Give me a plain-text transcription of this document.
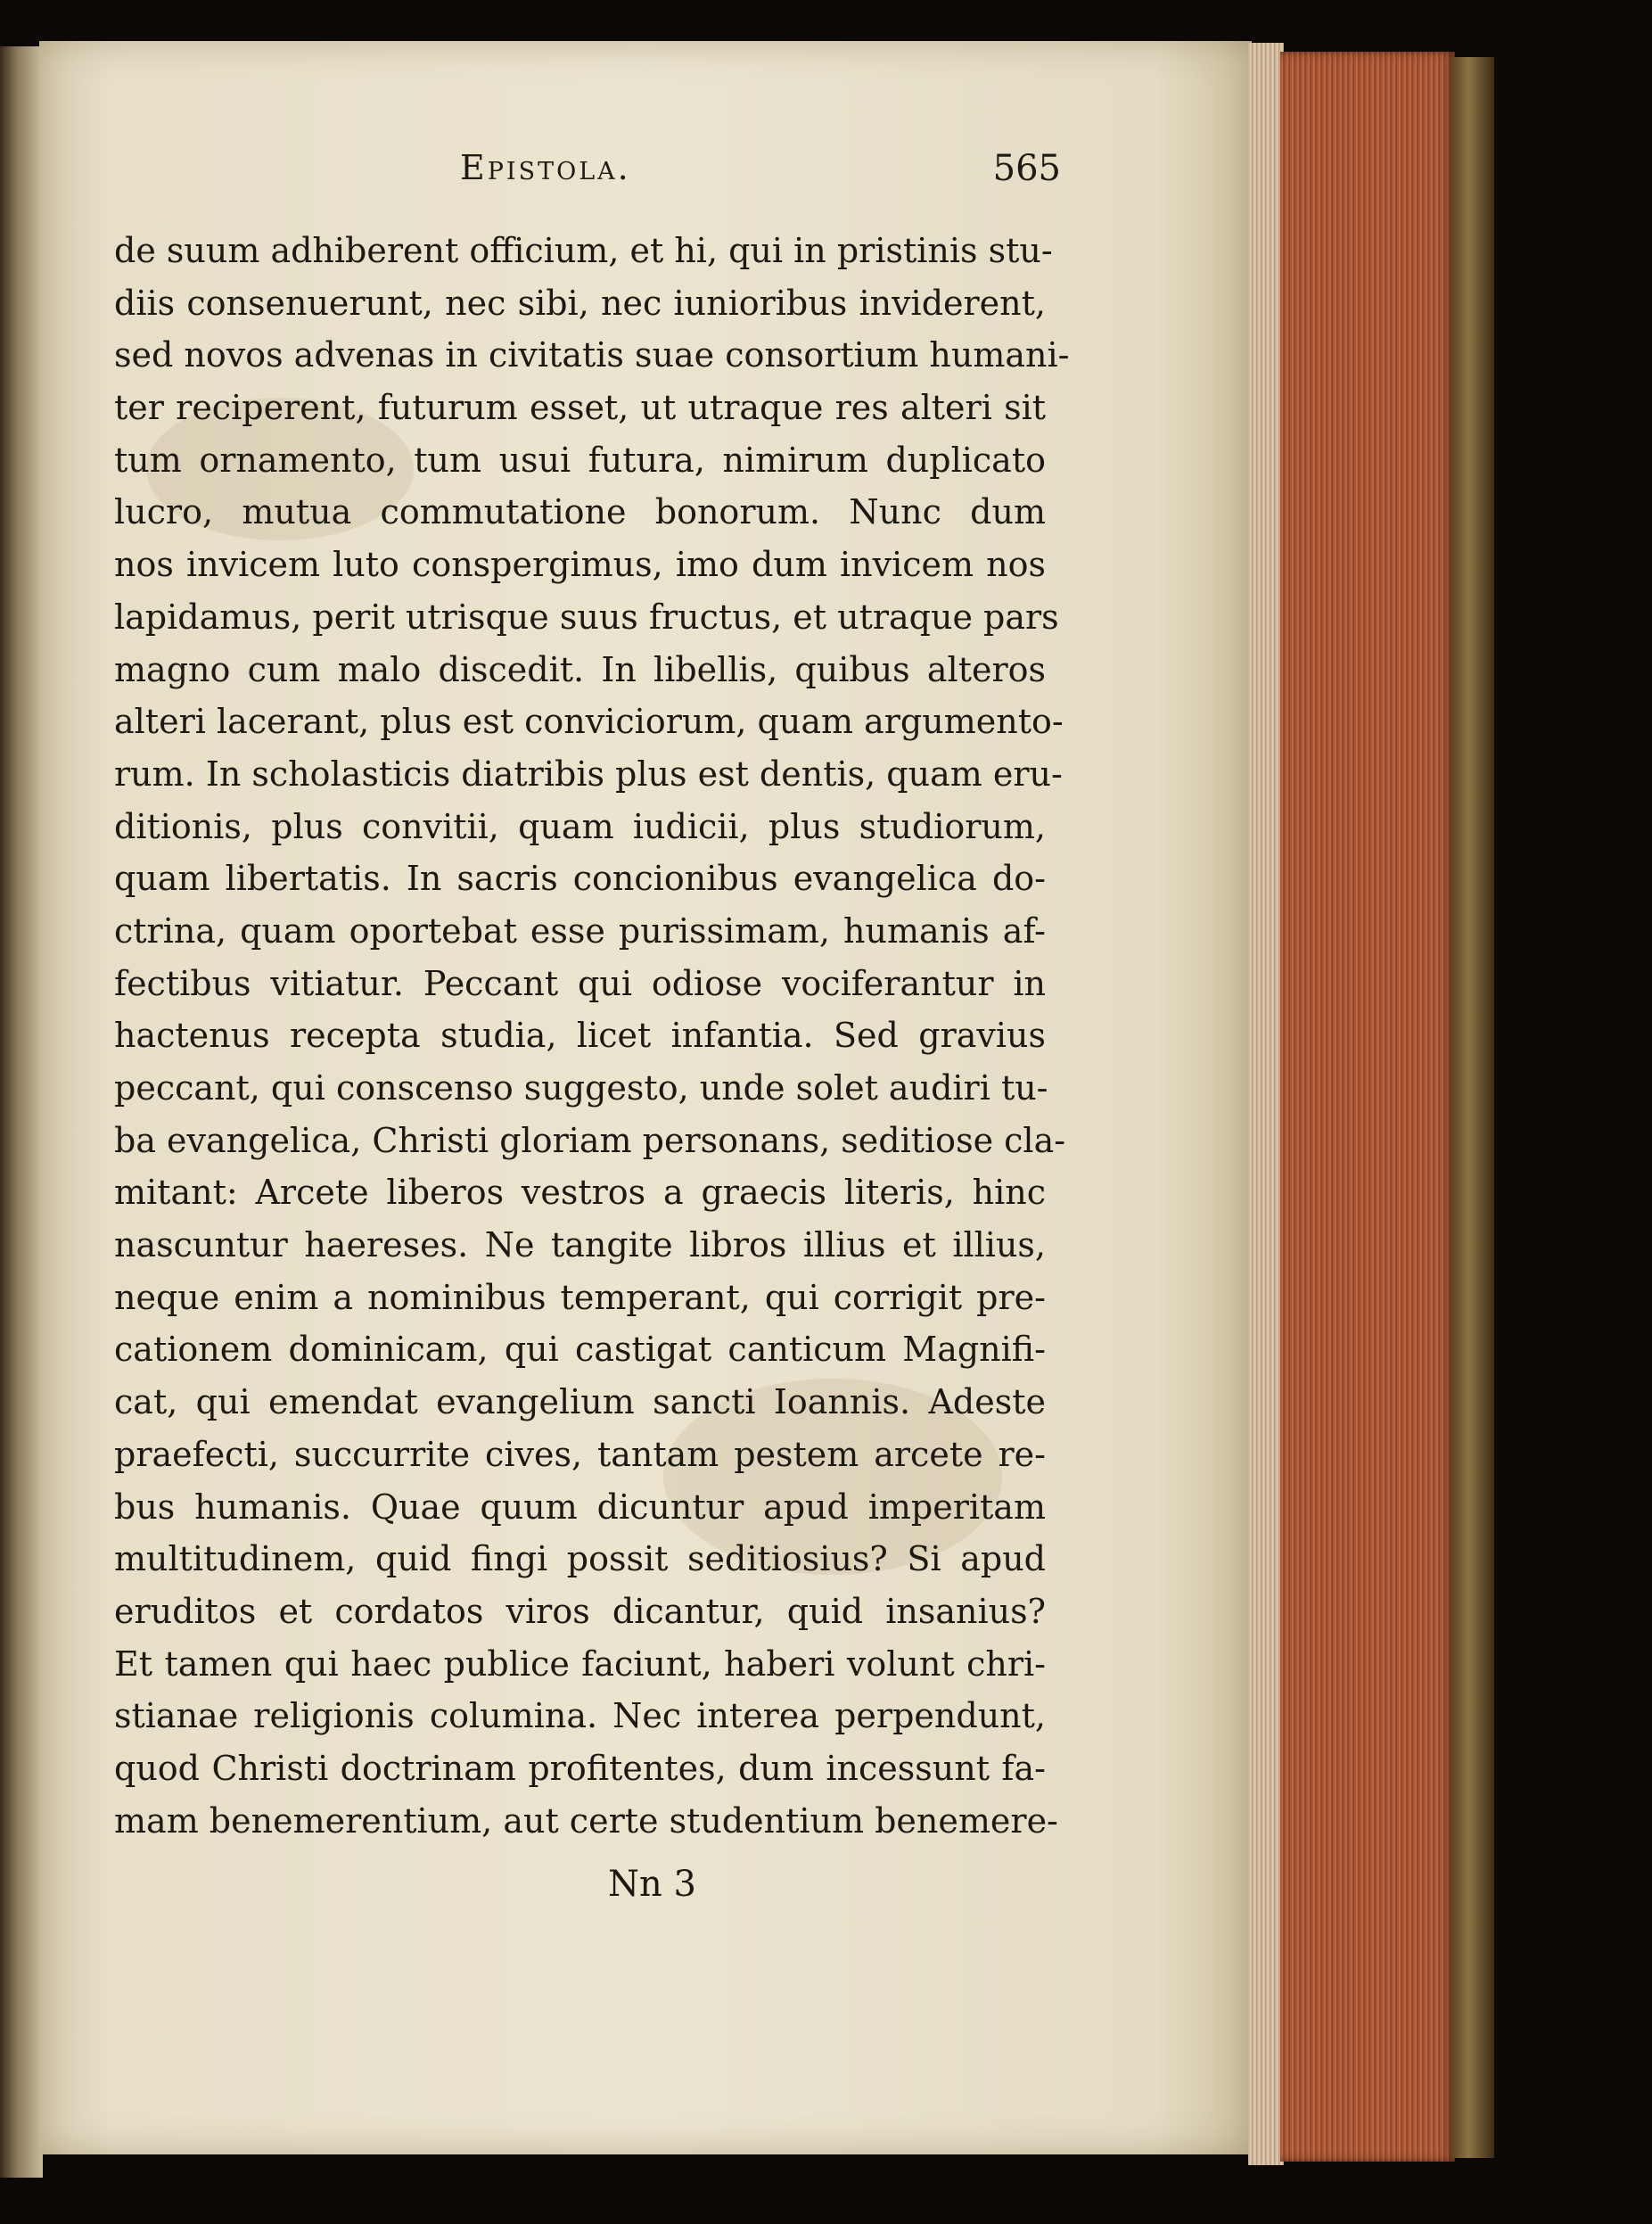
Epistola.	565
de suum adhiberent officium, et hi, qui in pristinis stu-
diis consenuerunt, nec sibi, nec iunioribus inviderent,
sed novos advenas in civitatis suae consortium humani-
ter reciperent, futurum esset, ut utraque res alteri sit
tum ornamento, tum usui futura, nimirum duplicato
lucro, mutua commutatione bonorum. Nunc dum
nos invicem luto conspergimus, imo dum invicem nos
lapidamus, perit utrisque suus fructus, et utraque pars
magno cum malo discedit. In libellis, quibus alteros
alteri lacerant, plus est conviciorum, quam argumento-
rum. In scholasticis diatribis plus est dentis, quam eru-
ditionis, plus convitii, quam iudicii, plus studiorum,
quam libertatis. In sacris concionibus evangelica do-
ctrina, quam oportebat esse purissimam, humanis af-
fectibus vitiatur. Peccant qui odiose vociferantur in
hactenus recepta studia, licet infantia. Sed gravius
peccant, qui conscenso suggesto, unde solet audiri tu-
ba evangelica, Christi gloriam personans, seditiose cla-
mitant: Arcete liberos vestros a graecis literis, hinc
nascuntur haereses. Ne tangite libros illius et illius,
neque enim a nominibus temperant, qui corrigit pre-
cationem dominicam, qui castigat canticum Magnifi-
cat, qui emendat evangelium sancti Ioannis. Adeste
praefecti, succurrite cives, tantam pestem arcete re-
bus humanis. Quae quum dicuntur apud imperitam
multitudinem, quid fingi possit seditiosius? Si apud
eruditos et cordatos viros dicantur, quid insanius?
Et tamen qui haec publice faciunt, haberi volunt chri-
stianae religionis columina. Nec interea perpendunt,
quod Christi doctrinam profitentes, dum incessunt fa-
mam benemerentium, aut certe studentium benemere-
Nn 3
